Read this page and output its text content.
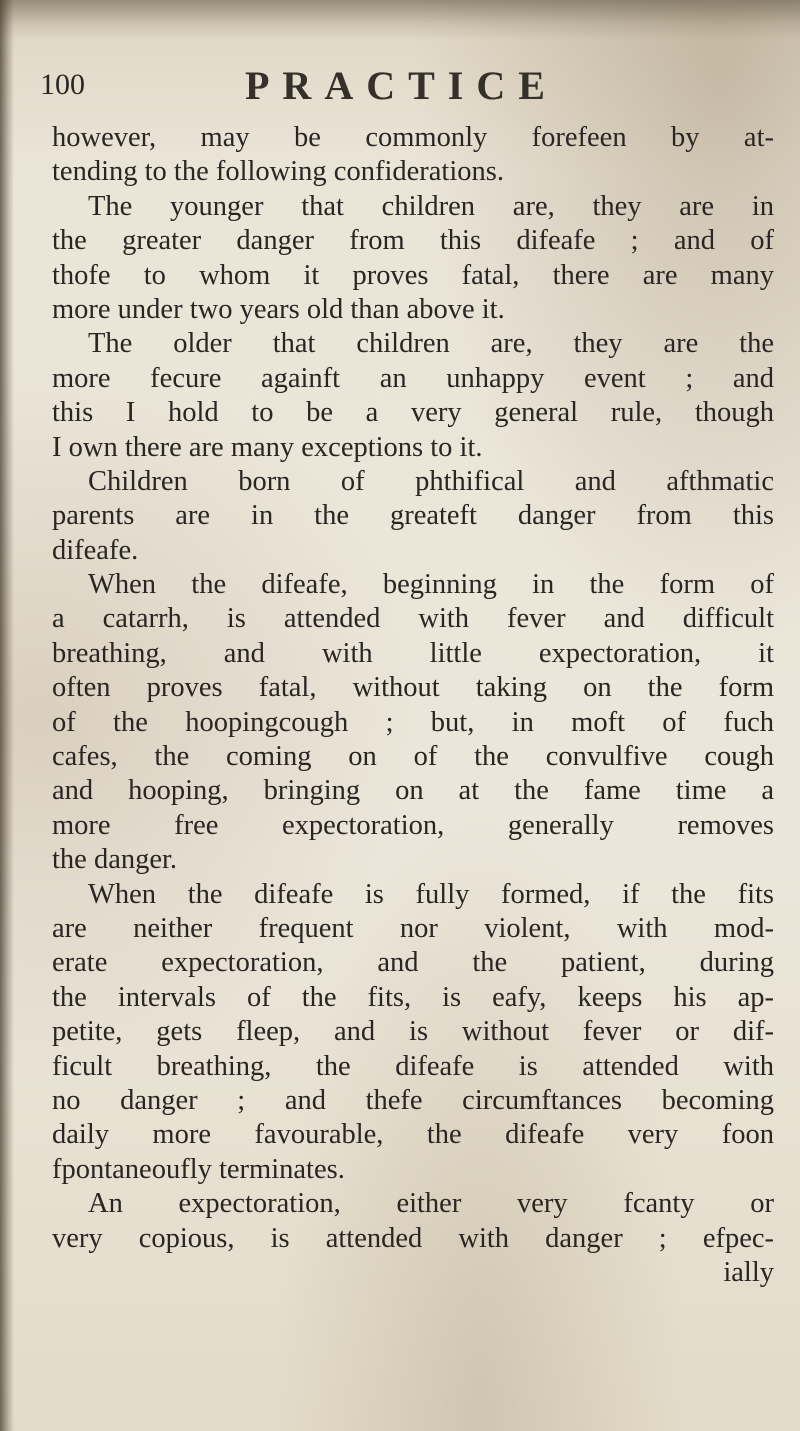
100	PRACTICE
however, may be commonly forefeen by at-
tending to the following confiderations.
The younger that children are, they are in
the greater danger from this difeafe ; and of
thofe to whom it proves fatal, there are many
more under two years old than above it.
The older that children are, they are the
more fecure againft an unhappy event ; and
this I hold to be a very general rule, though
I own there are many exceptions to it.
Children born of phthifical and afthmatic
parents are in the greateft danger from this
difeafe.
When the difeafe, beginning in the form of
a catarrh, is attended with fever and difficult
breathing, and with little expectoration, it
often proves fatal, without taking on the form
of the hoopingcough ; but, in moft of fuch
cafes, the coming on of the convulfive cough
and hooping, bringing on at the fame time a
more free expectoration, generally removes
the danger.
When the difeafe is fully formed, if the fits
are neither frequent nor violent, with mod-
erate expectoration, and the patient, during
the intervals of the fits, is eafy, keeps his ap-
petite, gets fleep, and is without fever or dif-
ficult breathing, the difeafe is attended with
no danger ; and thefe circumftances becoming
daily more favourable, the difeafe very foon
fpontaneoufly terminates.
An expectoration, either very fcanty or
very copious, is attended with danger ; efpec-
ially
